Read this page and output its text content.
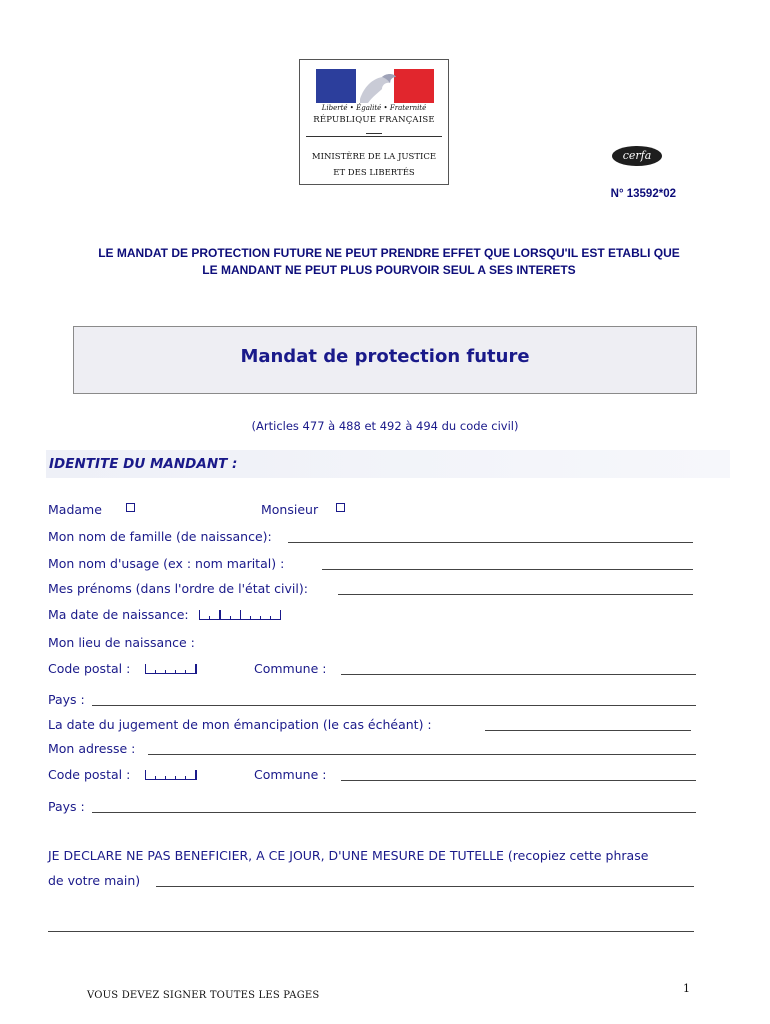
Liberté • Égalité • Fraternité
RÉPUBLIQUE FRANÇAISE
MINISTÈRE DE LA JUSTICE
ET DES LIBERTÉS
cerfa
N° 13592*02
LE MANDAT DE PROTECTION FUTURE NE PEUT PRENDRE EFFET QUE LORSQU'IL EST ETABLI QUE
LE MANDANT NE PEUT PLUS POURVOIR SEUL A SES INTERETS
Mandat de protection future
(Articles 477 à 488 et 492 à 494 du code civil)
IDENTITE DU MANDANT :
Madame	Monsieur
Mon nom de famille (de naissance):
Mon nom d'usage (ex : nom marital) :
Mes prénoms (dans l'ordre de l'état civil):
Ma date de naissance:
Mon lieu de naissance :
Code postal :	Commune :
Pays :
La date du jugement de mon émancipation (le cas échéant) :
Mon adresse :
Code postal :	Commune :
Pays :
JE DECLARE NE PAS BENEFICIER, A CE JOUR, D'UNE MESURE DE TUTELLE (recopiez cette phrase
de votre main)
1
VOUS DEVEZ SIGNER TOUTES LES PAGES
